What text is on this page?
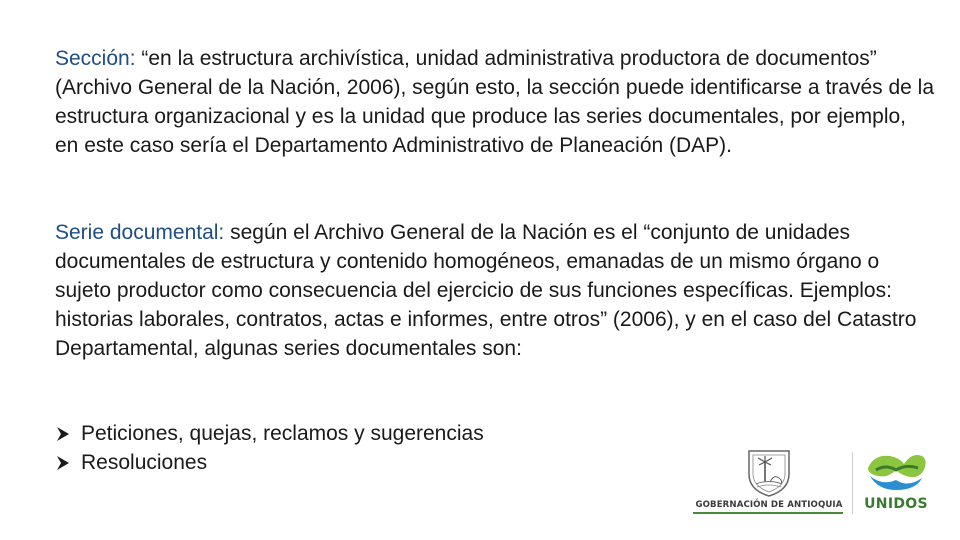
Sección: “en la estructura archivística, unidad administrativa productora de documentos” (Archivo General de la Nación, 2006), según esto, la sección puede identificarse a través de la estructura organizacional y es la unidad que produce las series documentales, por ejemplo, en este caso sería el Departamento Administrativo de Planeación (DAP).

Serie documental: según el Archivo General de la Nación es el “conjunto de unidades documentales de estructura y contenido homogéneos, emanadas de un mismo órgano o sujeto productor como consecuencia del ejercicio de sus funciones específicas. Ejemplos: historias laborales, contratos, actas e informes, entre otros” (2006), y en el caso del Catastro Departamental, algunas series documentales son:

Peticiones, quejas, reclamos y sugerencias
Resoluciones
GOBERNACIÓN DE ANTIOQUIA	UNIDOS
